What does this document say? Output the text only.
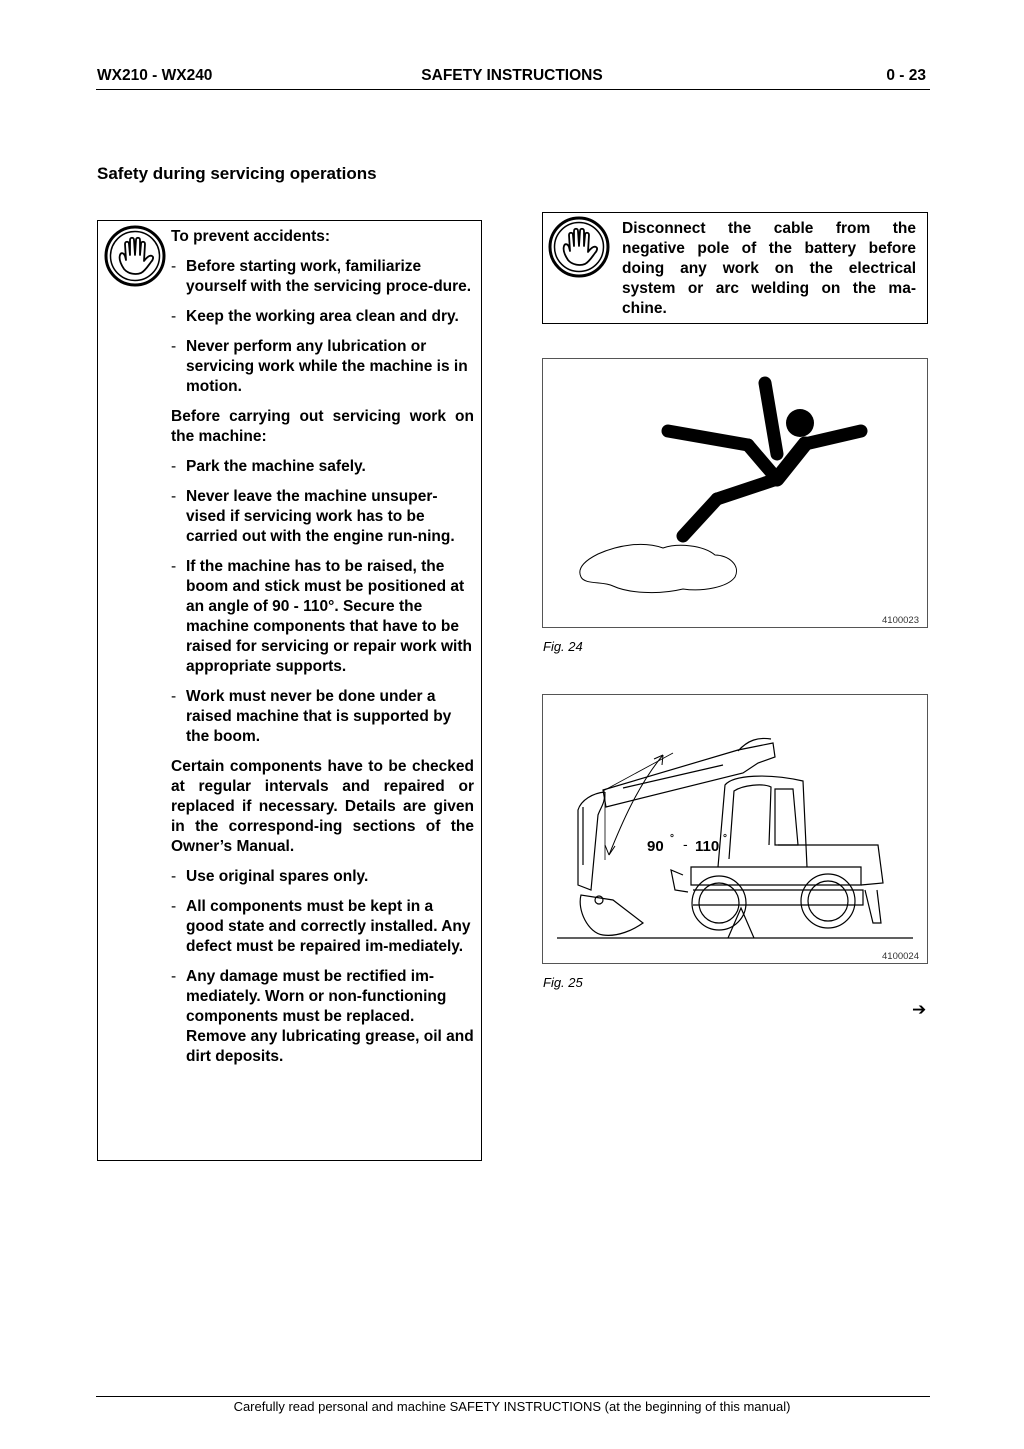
WX210 - WX240	SAFETY INSTRUCTIONS	0 - 23
Safety during servicing operations

To prevent accidents:

- Before starting work, familiarize yourself with the servicing proce-dure.
- Keep the working area clean and dry.
- Never perform any lubrication or servicing work while the machine is in motion.

Before carrying out servicing work on the machine:

- Park the machine safely.
- Never leave the machine unsuper-vised if servicing work has to be carried out with the engine run-ning.
- If the machine has to be raised, the boom and stick must be positioned at an angle of 90 - 110°. Secure the machine components that have to be raised for servicing or repair work with appropriate supports.
- Work must never be done under a raised machine that is supported by the boom.

Certain components have to be checked at regular intervals and repaired or replaced if necessary. Details are given in the correspond-ing sections of the Owner’s Manual.

- Use original spares only.
- All components must be kept in a good state and correctly installed. Any defect must be repaired im-mediately.
- Any damage must be rectified im-mediately. Worn or non-functioning components must be replaced. Remove any lubricating grease, oil and dirt deposits.
Disconnect the cable from the
negative pole of the battery before
doing any work on the electrical
system or arc welding on the ma-
chine.
4100023
Fig. 24
90 ° - 110 °
4100024
Fig. 25
➔
Carefully read personal and machine SAFETY INSTRUCTIONS (at the beginning of this manual)
